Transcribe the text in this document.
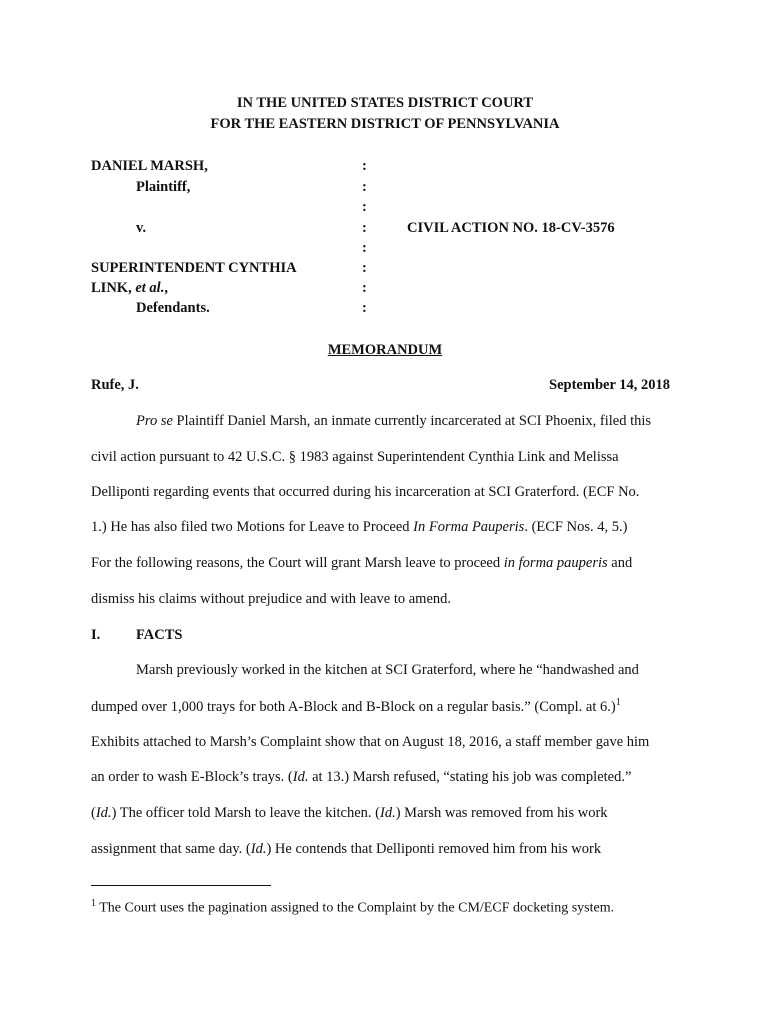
IN THE UNITED STATES DISTRICT COURT
FOR THE EASTERN DISTRICT OF PENNSYLVANIA
DANIEL MARSH,
Plaintiff,
v.
SUPERINTENDENT CYNTHIA
LINK, et al.,
Defendants.
:
:
:
:
:
:
:
:
CIVIL ACTION NO. 18-CV-3576
MEMORANDUM
Rufe, J.	September 14, 2018
Pro se Plaintiff Daniel Marsh, an inmate currently incarcerated at SCI Phoenix, filed this
civil action pursuant to 42 U.S.C. § 1983 against Superintendent Cynthia Link and Melissa
Delliponti regarding events that occurred during his incarceration at SCI Graterford. (ECF No.
1.) He has also filed two Motions for Leave to Proceed In Forma Pauperis. (ECF Nos. 4, 5.)
For the following reasons, the Court will grant Marsh leave to proceed in forma pauperis and
dismiss his claims without prejudice and with leave to amend.
I. FACTS
Marsh previously worked in the kitchen at SCI Graterford, where he “handwashed and
dumped over 1,000 trays for both A-Block and B-Block on a regular basis.” (Compl. at 6.)$^1$
Exhibits attached to Marsh’s Complaint show that on August 18, 2016, a staff member gave him
an order to wash E-Block’s trays. (Id. at 13.) Marsh refused, “stating his job was completed.”
(Id.) The officer told Marsh to leave the kitchen. (Id.) Marsh was removed from his work
assignment that same day. (Id.) He contends that Delliponti removed him from his work
$^1$ The Court uses the pagination assigned to the Complaint by the CM/ECF docketing system.
